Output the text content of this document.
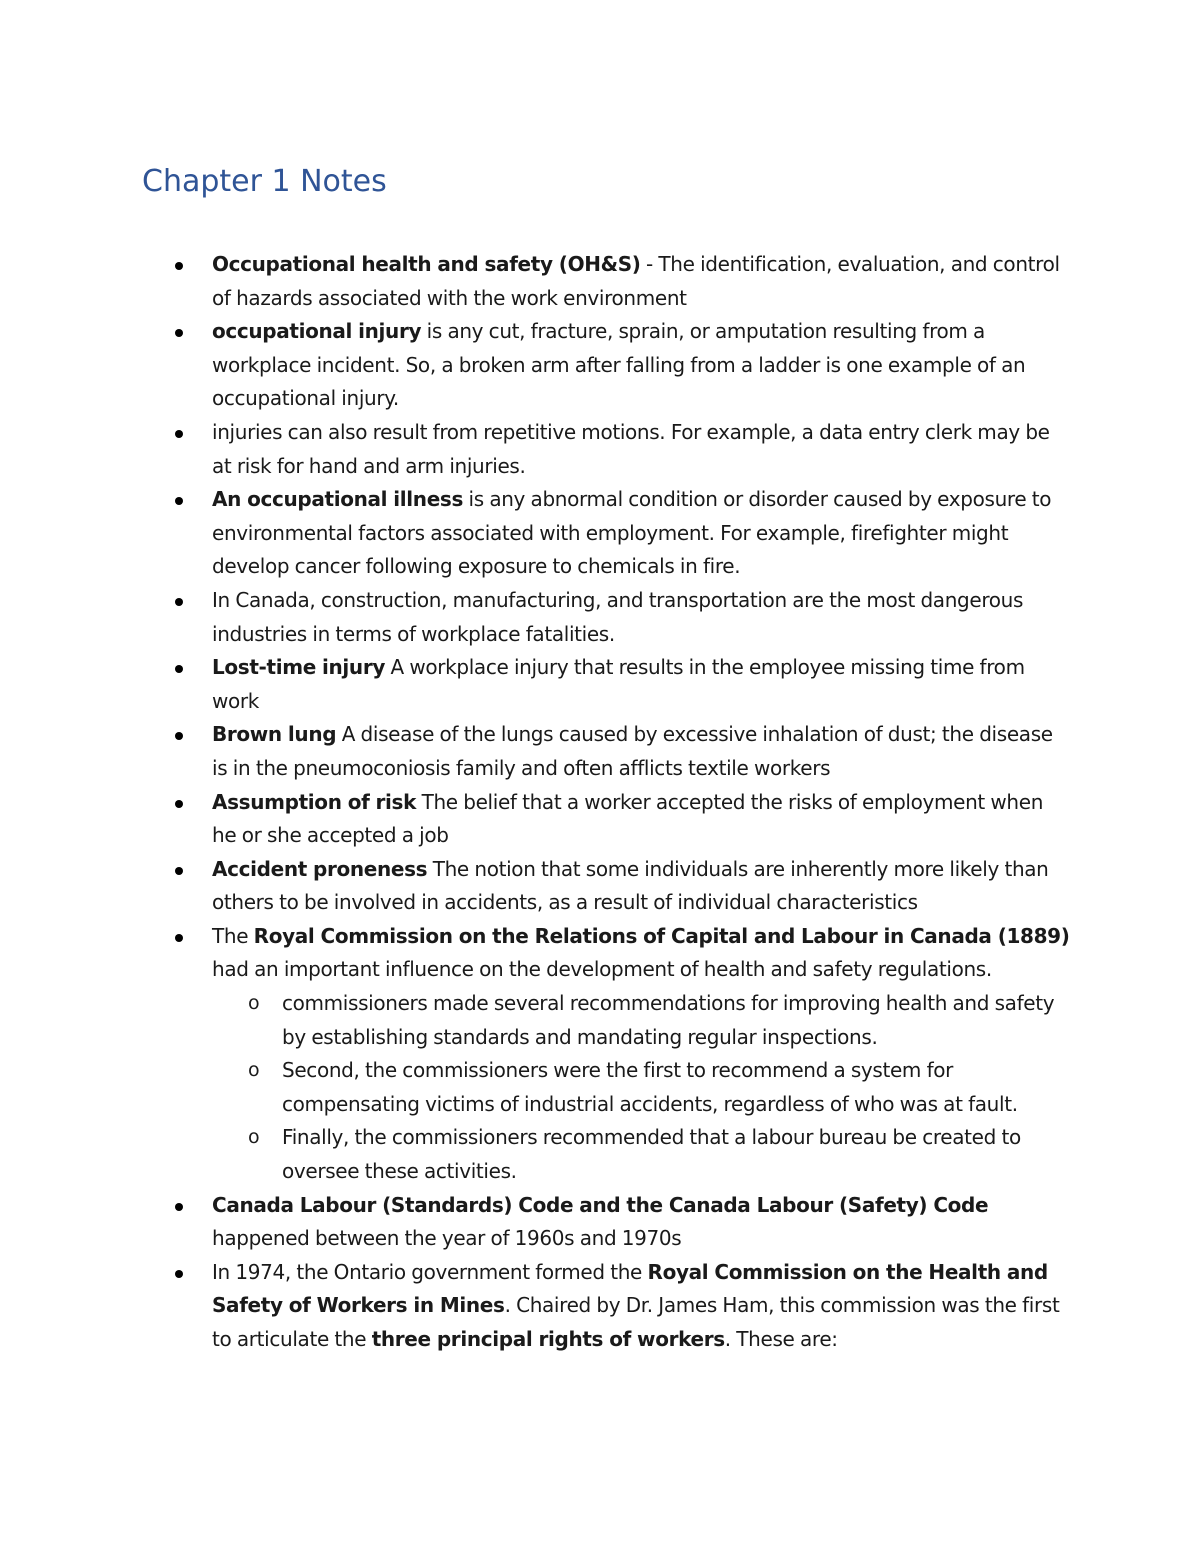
Chapter 1 Notes
Occupational health and safety (OH&S) - The identification, evaluation, and control of hazards associated with the work environment
occupational injury is any cut, fracture, sprain, or amputation resulting from a workplace incident. So, a broken arm after falling from a ladder is one example of an occupational injury.
injuries can also result from repetitive motions. For example, a data entry clerk may be at risk for hand and arm injuries.
An occupational illness is any abnormal condition or disorder caused by exposure to environmental factors associated with employment. For example, firefighter might develop cancer following exposure to chemicals in fire.
In Canada, construction, manufacturing, and transportation are the most dangerous industries in terms of workplace fatalities.
Lost-time injury A workplace injury that results in the employee missing time from work
Brown lung A disease of the lungs caused by excessive inhalation of dust; the disease is in the pneumoconiosis family and often afflicts textile workers
Assumption of risk The belief that a worker accepted the risks of employment when he or she accepted a job
Accident proneness The notion that some individuals are inherently more likely than others to be involved in accidents, as a result of individual characteristics
The Royal Commission on the Relations of Capital and Labour in Canada (1889) had an important influence on the development of health and safety regulations.
o commissioners made several recommendations for improving health and safety by establishing standards and mandating regular inspections.
o Second, the commissioners were the first to recommend a system for compensating victims of industrial accidents, regardless of who was at fault.
o Finally, the commissioners recommended that a labour bureau be created to oversee these activities.
Canada Labour (Standards) Code and the Canada Labour (Safety) Code happened between the year of 1960s and 1970s
In 1974, the Ontario government formed the Royal Commission on the Health and Safety of Workers in Mines. Chaired by Dr. James Ham, this commission was the first to articulate the three principal rights of workers. These are:
